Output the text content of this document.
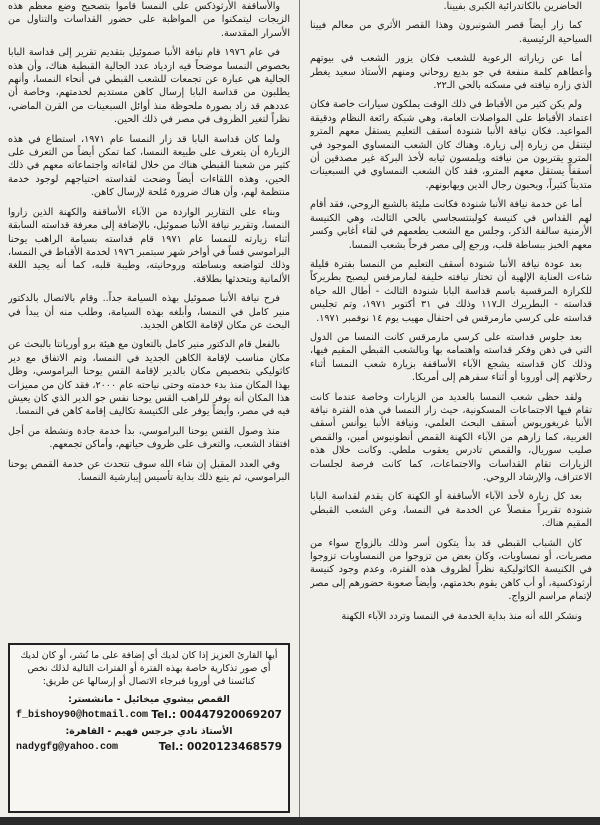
الحاضرين بالكاتدرائية الكبرى بفيينا.

كما زار أيضاً قصر الشونبرون وهذا القصر الأثري من معالم فيينا السياحية الرئيسية.

أما عن زياراته الرعوية للشعب فكان يزور الشعب في بيوتهم وأعطاهم كلمة منفعة في جو بديع روحاني ومنهم الأستاذ سعيد يغطر الذي زاره نيافته في مسكنه بالحي الـ٢٢.

ولم يكن كثير من الأقباط في ذلك الوقت يملكون سيارات خاصة فكان اعتماد الأقباط على المواصلات العامة، وهي شبكة رائعة النظام ودقيقة المواعيد. فكان نيافة الأنبا شنودة أسقف التعليم يستقل معهم المترو ليتنقل من زيارة إلى زيارة. وهناك كان الشعب النمساوي الموجود في المترو يقتربون من نيافته ويلمسون ثيابه لأخذ البركة غير مصدقين أن أسقفاً يستقل معهم المترو، فقد كان الشعب النمساوي في السبعينات متديناً كثيراً، ويحبون رجال الدين ويهابونهم.

أما عن خدمة نيافة الأنبا شنودة فكانت مليئة بالشبع الروحي، فقد أقام لهم القداس في كنيسة كولبنتسجاسي بالحي الثالث، وهي الكنيسة الأرمنية سالفة الذكر، وجلس مع الشعب يطعمهم في لقاء أغابي وكسر معهم الخبز ببساطة قلب، ورجع إلى مصر فرحاً بشعب النمسا.

بعد عودة نيافة الأنبا شنودة أسقف التعليم من النمسا بفترة قليلة شاءت العناية الإلهية أن تختار نيافته خليفة لمارمرقس ليصبح بطريركاً للكرازة المرقسية باسم قداسة البابا شنودة الثالث - أطال الله حياة قداسته - البطريرك الـ١١٧ وذلك في ٣١ أكتوبر ١٩٧١، وتم تجليس قداسته على كرسي مارمرقس في احتفال مهيب يوم ١٤ نوفمبر ١٩٧١.

بعد جلوس قداسته على كرسي مارمرقس كانت النمسا من الدول التي في ذهن وفكر قداسته واهتمامه بها وبالشعب القبطي المقيم فيها، وذلك كان قداسته يشجع الآباء الأساقفة بزيارة شعب النمسا أثناء رحلاتهم إلى أوروبا أو أثناء سفرهم إلى أمريكا.

ولقد حظى شعب النمسا بالعديد من الزيارات وخاصة عندما كانت تقام فيها الاجتماعات المسكونية، حيث زار النمسا في هذه الفترة نيافة الأنبا غريغوريوس أسقف البحث العلمي، ونيافة الأنبا يوأنس أسقف الغربية، كما زارهم من الآباء الكهنة القمص أنطونيوس أمين، والقمص صليب سوريال، والقمص تادرس يعقوب ملطي. وكانت خلال هذه الزيارات تقام القداسات والاجتماعات، كما كانت فرصة لجلسات الاعتراف، والإرشاد الروحي.

بعد كل زيارة لأحد الآباء الأساقفة أو الكهنة كان يقدم لقداسة البابا شنودة تقريراً مفصلاً عن الخدمة في النمسا، وعن الشعب القبطي المقيم هناك.

كان الشباب القبطي قد بدأ يتكون أسر وذلك بالزواج سواء من مصريات، أو نمساويات، وكان بعض من تزوجوا من النمساويات تزوجوا في الكنيسة الكاثوليكية نظراً لظروف هذه الفترة، وعدم وجود كنيسة أرثوذكسية، أو أب كاهن يقوم بخدمتهم، وأيضاً صعوبة حضورهم إلى مصر لإتمام مراسم الزواج.

ونشكر الله أنه منذ بداية الخدمة في النمسا وتردد الآباء الكهنة

والأساقفة الأرثوذكس على النمسا قاموا بتصحيح وضع معظم هذه الزيجات ليتمكنوا من المواظبة على حضور القداسات والتناول من الأسرار المقدسة.

في عام ١٩٧٦ قام نيافة الأنبا صموئيل بتقديم تقرير إلى قداسة البابا بخصوص النمسا موضحاً فيه ازدياد عدد الجالية القبطية هناك، وأن هذه الجالية هي عبارة عن تجمعات للشعب القبطي في أنحاء النمسا، وأنهم يطلبون من قداسة البابا إرسال كاهن مستديم لخدمتهم، وخاصة أن عددهم قد زاد بصورة ملحوظة منذ أوائل السبعينات من القرن الماضي، نظراً لتغير الظروف في مصر في ذلك الحين.

ولما كان قداسة البابا قد زار النمسا عام ١٩٧١، استطاع في هذه الزيارة أن يتعرف على طبيعة النمسا، كما تمكن أيضاً من التعرف على كثير من شعبنا القبطي هناك من خلال لقاءاته واجتماعاته معهم في ذلك الحين، وهذه اللقاءات أيضاً وضحت لقداسته احتياجهم لوجود خدمة منتظمة لهم، وأن هناك ضرورة مُلحة لإرسال كاهن.

وبناء على التقارير الواردة من الآباء الأساقفة والكهنة الذين زاروا النمسا، وتقرير نيافة الأنبا صموئيل، بالإضافة إلى معرفة قداسته السابقة أثناء زيارته للنمسا عام ١٩٧١ قام قداسته بسيامة الراهب يوحنا البراموسي قساً في أواخر شهر سبتمبر ١٩٧٦ لخدمة الأقباط في النمسا، وذلك لتواضعه وبساطته وروحانيته، وطيبة قلبه، كما أنه يجيد اللغة الألمانية ويتحدثها بطلاقة.

فرح نيافة الأنبا صموئيل بهذه السيامة جداً.. وقام بالاتصال بالدكتور منير كامل في النمسا، وأبلغه بهذه السيامة، وطلب منه أن يبدأ في البحث عن مكان لإقامة الكاهن الجديد.

بالفعل قام الدكتور منير كامل بالتعاون مع هيئة برو أوريانتا بالبحث عن مكان مناسب لإقامة الكاهن الجديد في النمسا، وتم الاتفاق مع دير كاثوليكي بتخصيص مكان بالدير لإقامة القس يوحنا البراموسي، وظل بهذا المكان منذ بدء خدمته وحتى نياحته عام ٢٠٠٠، فقد كان من مميزات هذا المكان أنه يوفر للراهب القس يوحنا نفس جو الدير الذي كان يعيش فيه في مصر، وأيضاً يوفر على الكنيسة تكاليف إقامة كاهن في النمسا.

منذ وصول القس يوحنا البراموسي، بدأ خدمة جادة ونشطة من أجل افتقاد الشعب، والتعرف على ظروف حياتهم، وأماكن تجمعهم.

وفي العدد المقبل إن شاء الله سوف نتحدث عن خدمة القمص يوحنا البراموسي، ثم يتبع ذلك بداية تأسيس إيبارشية النمسا.

أيها القارئ العزيز إذا كان لديك أي إضافة على ما نُشر، أو كان لديك أي صور تذكارية خاصة بهذه الفترة أو الفترات التالية لذلك نخص كنائسنا في أوروبا فبرجاء الاتصال أو إرسالها عن طريق:
القمص بيشوي ميخائيل - مانشستر:
f_bishoy90@hotmail.com Tel.: 00447920069207
الأستاذ نادي جرجس فهيم - القاهرة:
nadygfg@yahoo.com	Tel.: 0020123468579
